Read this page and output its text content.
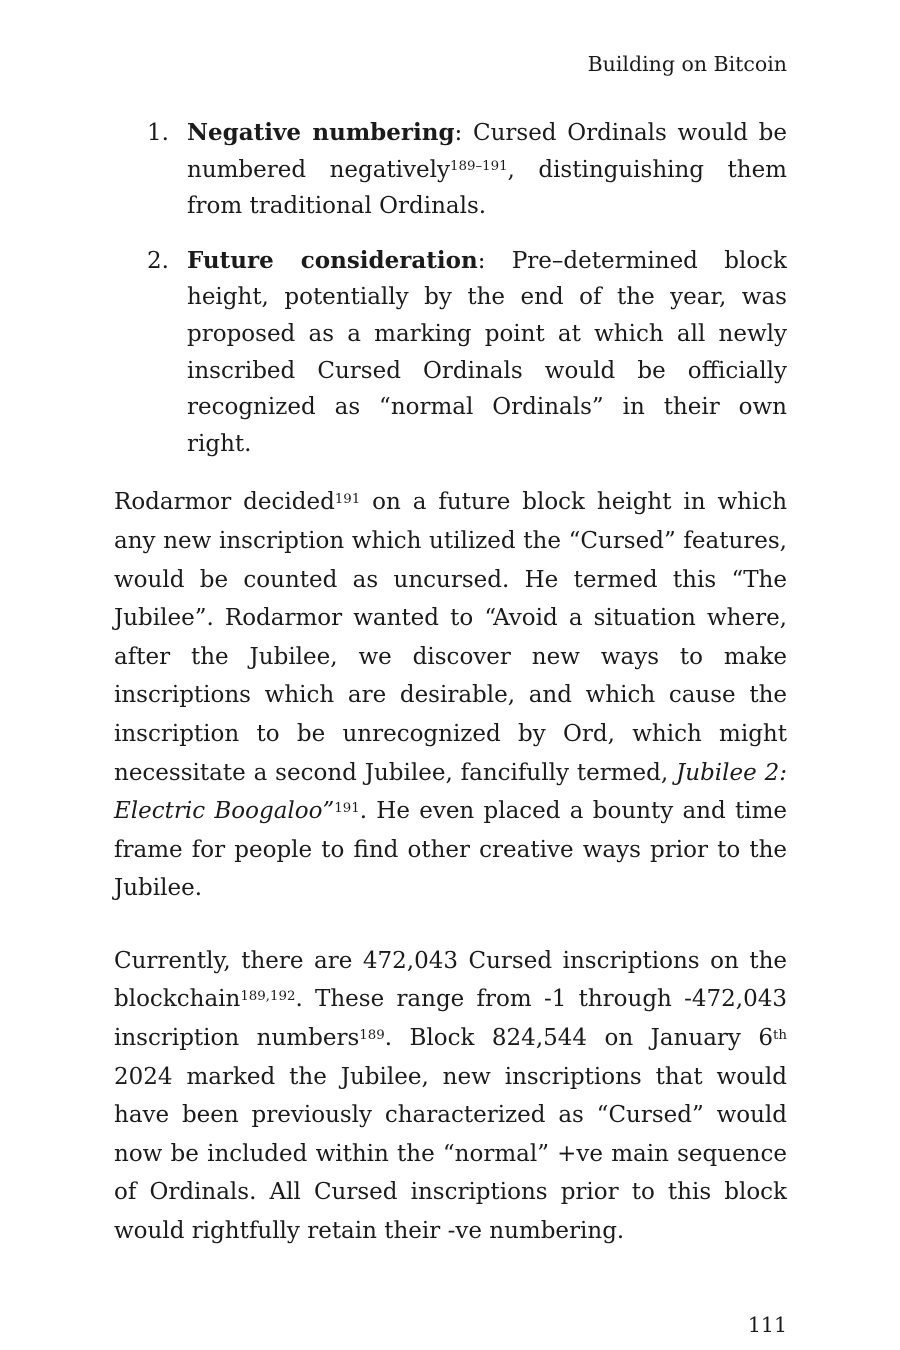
Building on Bitcoin
1. Negative numbering: Cursed Ordinals would be numbered negatively$^{189-191}$, distinguishing them from traditional Ordinals.
2. Future consideration: Pre–determined block height, potentially by the end of the year, was proposed as a marking point at which all newly inscribed Cursed Ordinals would be officially recognized as “normal Ordinals” in their own right.
Rodarmor decided$^{191}$ on a future block height in which any new inscription which utilized the “Cursed” features, would be counted as uncursed. He termed this “The Jubilee”. Rodarmor wanted to “Avoid a situation where, after the Jubilee, we discover new ways to make inscriptions which are desirable, and which cause the inscription to be unrecognized by Ord, which might necessitate a second Jubilee, fancifully termed, Jubilee 2: Electric Boogaloo”$^{191}$. He even placed a bounty and time frame for people to find other creative ways prior to the Jubilee.
Currently, there are 472,043 Cursed inscriptions on the blockchain$^{189,192}$. These range from -1 through -472,043 inscription numbers$^{189}$. Block 824,544 on January 6th 2024 marked the Jubilee, new inscriptions that would have been previously characterized as “Cursed” would now be included within the “normal” +ve main sequence of Ordinals. All Cursed inscriptions prior to this block would rightfully retain their -ve numbering.
111
